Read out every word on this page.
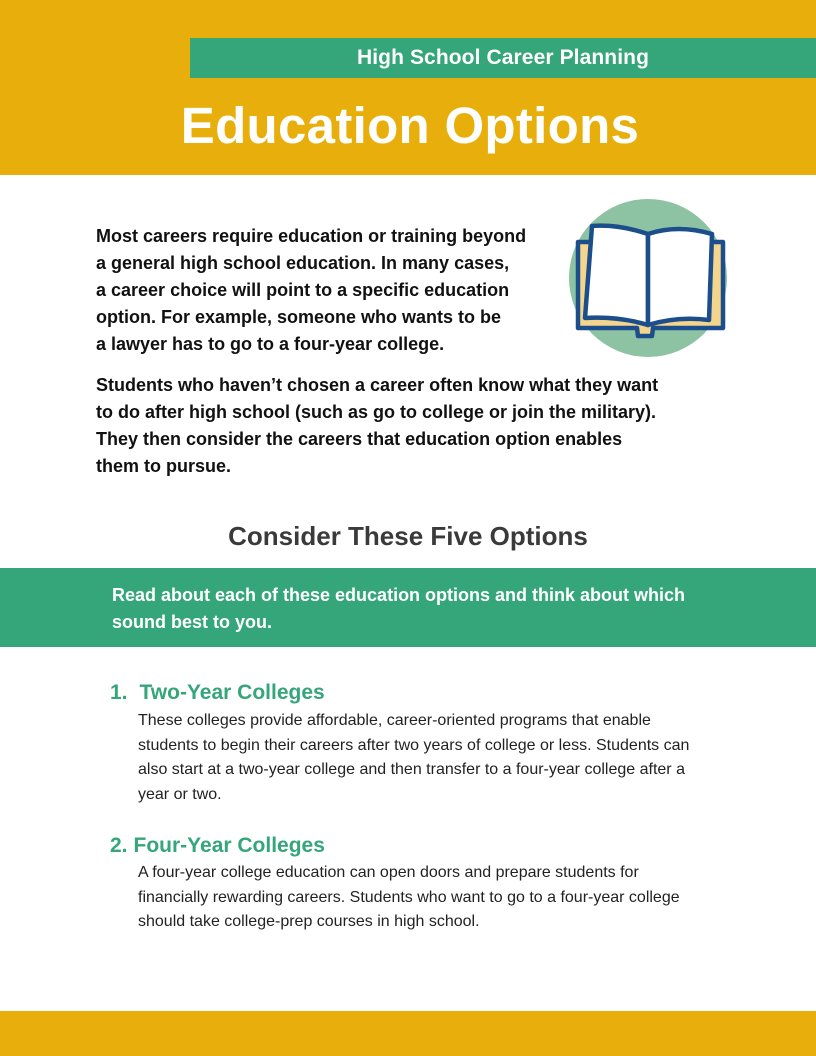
High School Career Planning
Education Options

Most careers require education or training beyond
a general high school education. In many cases,
a career choice will point to a specific education
option. For example, someone who wants to be
a lawyer has to go to a four-year college.

Students who haven’t chosen a career often know what they want
to do after high school (such as go to college or join the military).
They then consider the careers that education option enables
them to pursue.

Consider These Five Options

Read about each of these education options and think about which
sound best to you.

1. Two-Year Colleges

These colleges provide affordable, career-oriented programs that enable
students to begin their careers after two years of college or less. Students can
also start at a two-year college and then transfer to a four-year college after a
year or two.

2. Four-Year Colleges

A four-year college education can open doors and prepare students for
financially rewarding careers. Students who want to go to a four-year college
should take college-prep courses in high school.
